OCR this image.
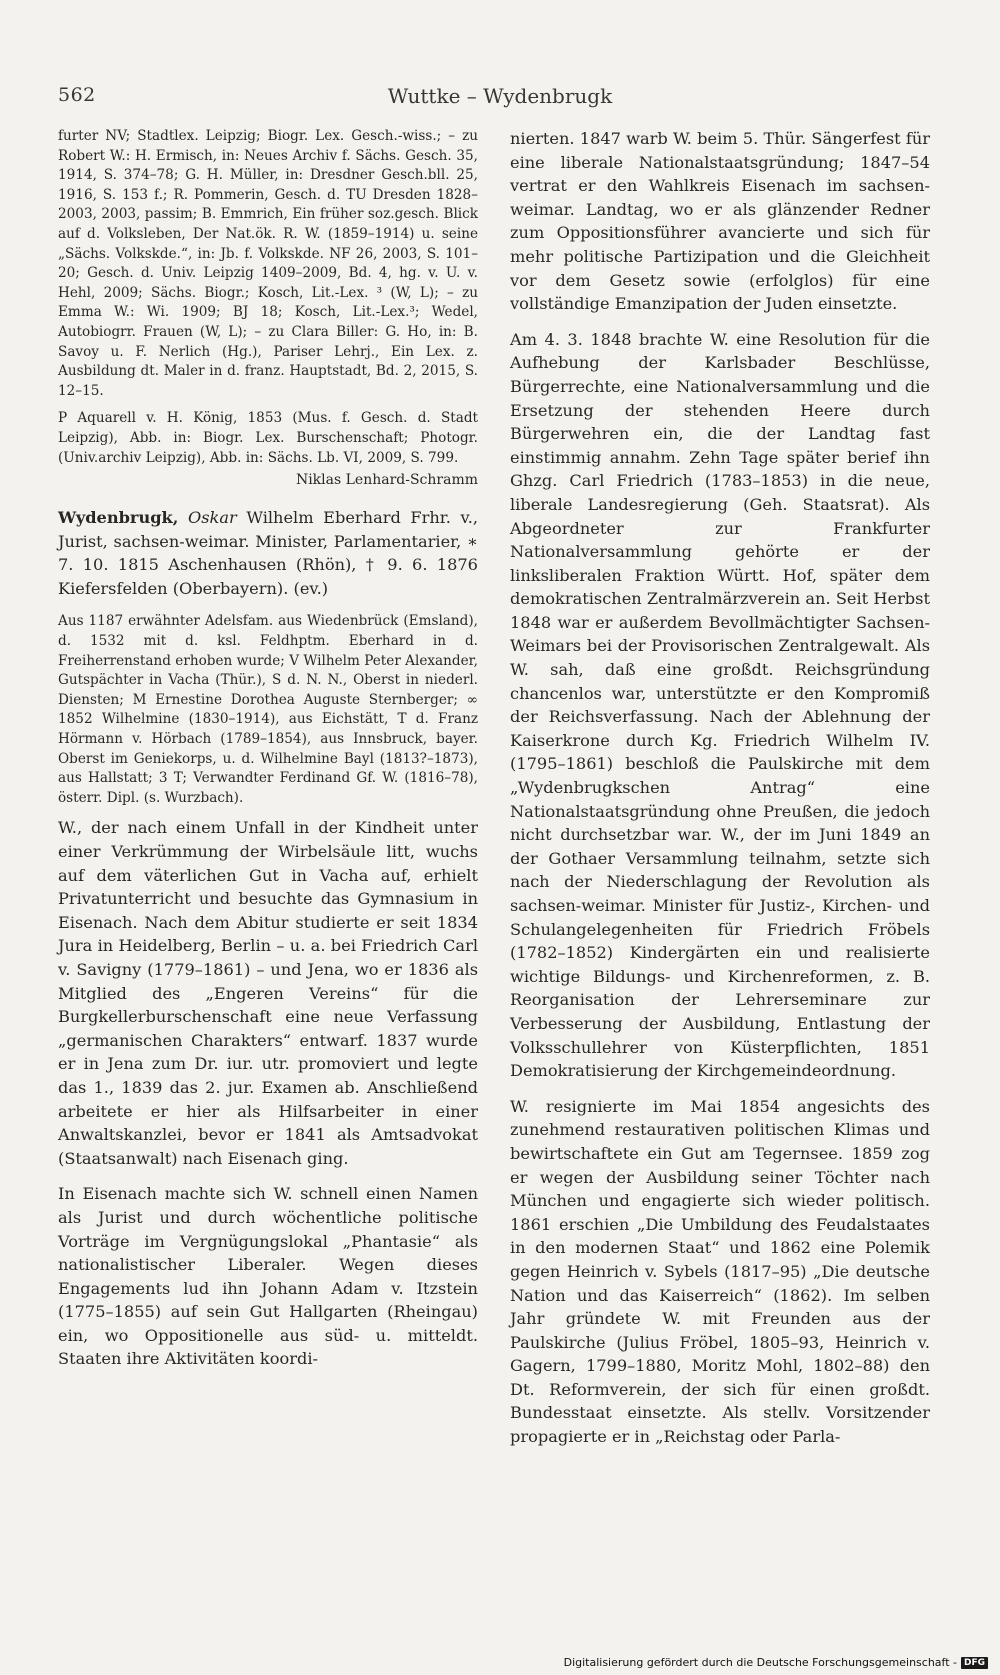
562	Wuttke – Wydenbrugk

furter NV; Stadtlex. Leipzig; Biogr. Lex. Gesch.-wiss.; – zu Robert W.: H. Ermisch, in: Neues Archiv f. Sächs. Gesch. 35, 1914, S. 374–78; G. H. Müller, in: Dresdner Gesch.bll. 25, 1916, S. 153 f.; R. Pommerin, Gesch. d. TU Dresden 1828–2003, 2003, passim; B. Emmrich, Ein früher soz.gesch. Blick auf d. Volksleben, Der Nat.ök. R. W. (1859–1914) u. seine „Sächs. Volkskde.“, in: Jb. f. Volkskde. NF 26, 2003, S. 101–20; Gesch. d. Univ. Leipzig 1409–2009, Bd. 4, hg. v. U. v. Hehl, 2009; Sächs. Biogr.; Kosch, Lit.-Lex. ³ (W, L); – zu Emma W.: Wi. 1909; BJ 18; Kosch, Lit.-Lex.³; Wedel, Autobiogrr. Frauen (W, L); – zu Clara Biller: G. Ho, in: B. Savoy u. F. Nerlich (Hg.), Pariser Lehrj., Ein Lex. z. Ausbildung dt. Maler in d. franz. Hauptstadt, Bd. 2, 2015, S. 12–15.

P Aquarell v. H. König, 1853 (Mus. f. Gesch. d. Stadt Leipzig), Abb. in: Biogr. Lex. Burschenschaft; Photogr. (Univ.archiv Leipzig), Abb. in: Sächs. Lb. VI, 2009, S. 799.

Niklas Lenhard-Schramm

Wydenbrugk, Oskar Wilhelm Eberhard Frhr. v., Jurist, sachsen-weimar. Minister, Parlamentarier, ∗ 7. 10. 1815 Aschenhausen (Rhön), † 9. 6. 1876 Kiefersfelden (Oberbayern). (ev.)

Aus 1187 erwähnter Adelsfam. aus Wiedenbrück (Emsland), d. 1532 mit d. ksl. Feldhptm. Eberhard in d. Freiherrenstand erhoben wurde; V Wilhelm Peter Alexander, Gutspächter in Vacha (Thür.), S d. N. N., Oberst in niederl. Diensten; M Ernestine Dorothea Auguste Sternberger; ∞ 1852 Wilhelmine (1830–1914), aus Eichstätt, T d. Franz Hörmann v. Hörbach (1789–1854), aus Innsbruck, bayer. Oberst im Geniekorps, u. d. Wilhelmine Bayl (1813?–1873), aus Hallstatt; 3 T; Verwandter Ferdinand Gf. W. (1816–78), österr. Dipl. (s. Wurzbach).

W., der nach einem Unfall in der Kindheit unter einer Verkrümmung der Wirbelsäule litt, wuchs auf dem väterlichen Gut in Vacha auf, erhielt Privatunterricht und besuchte das Gymnasium in Eisenach. Nach dem Abitur studierte er seit 1834 Jura in Heidelberg, Berlin – u. a. bei Friedrich Carl v. Savigny (1779–1861) – und Jena, wo er 1836 als Mitglied des „Engeren Vereins“ für die Burgkellerburschenschaft eine neue Verfassung „germanischen Charakters“ entwarf. 1837 wurde er in Jena zum Dr. iur. utr. promoviert und legte das 1., 1839 das 2. jur. Examen ab. Anschließend arbeitete er hier als Hilfsarbeiter in einer Anwaltskanzlei, bevor er 1841 als Amtsadvokat (Staatsanwalt) nach Eisenach ging.

In Eisenach machte sich W. schnell einen Namen als Jurist und durch wöchentliche politische Vorträge im Vergnügungslokal „Phantasie“ als nationalistischer Liberaler. Wegen dieses Engagements lud ihn Johann Adam v. Itzstein (1775–1855) auf sein Gut Hallgarten (Rheingau) ein, wo Oppositionelle aus süd- u. mitteldt. Staaten ihre Aktivitäten koordi-

nierten. 1847 warb W. beim 5. Thür. Sängerfest für eine liberale Nationalstaatsgründung; 1847–54 vertrat er den Wahlkreis Eisenach im sachsen-weimar. Landtag, wo er als glänzender Redner zum Oppositionsführer avancierte und sich für mehr politische Partizipation und die Gleichheit vor dem Gesetz sowie (erfolglos) für eine vollständige Emanzipation der Juden einsetzte.

Am 4. 3. 1848 brachte W. eine Resolution für die Aufhebung der Karlsbader Beschlüsse, Bürgerrechte, eine Nationalversammlung und die Ersetzung der stehenden Heere durch Bürgerwehren ein, die der Landtag fast einstimmig annahm. Zehn Tage später berief ihn Ghzg. Carl Friedrich (1783–1853) in die neue, liberale Landesregierung (Geh. Staatsrat). Als Abgeordneter zur Frankfurter Nationalversammlung gehörte er der linksliberalen Fraktion Württ. Hof, später dem demokratischen Zentralmärzverein an. Seit Herbst 1848 war er außerdem Bevollmächtigter Sachsen-Weimars bei der Provisorischen Zentralgewalt. Als W. sah, daß eine großdt. Reichsgründung chancenlos war, unterstützte er den Kompromiß der Reichsverfassung. Nach der Ablehnung der Kaiserkrone durch Kg. Friedrich Wilhelm IV. (1795–1861) beschloß die Paulskirche mit dem „Wydenbrugkschen Antrag“ eine Nationalstaatsgründung ohne Preußen, die jedoch nicht durchsetzbar war. W., der im Juni 1849 an der Gothaer Versammlung teilnahm, setzte sich nach der Niederschlagung der Revolution als sachsen-weimar. Minister für Justiz-, Kirchen- und Schulangelegenheiten für Friedrich Fröbels (1782–1852) Kindergärten ein und realisierte wichtige Bildungs- und Kirchenreformen, z. B. Reorganisation der Lehrerseminare zur Verbesserung der Ausbildung, Entlastung der Volksschullehrer von Küsterpflichten, 1851 Demokratisierung der Kirchgemeindeordnung.

W. resignierte im Mai 1854 angesichts des zunehmend restaurativen politischen Klimas und bewirtschaftete ein Gut am Tegernsee. 1859 zog er wegen der Ausbildung seiner Töchter nach München und engagierte sich wieder politisch. 1861 erschien „Die Umbildung des Feudalstaates in den modernen Staat“ und 1862 eine Polemik gegen Heinrich v. Sybels (1817–95) „Die deutsche Nation und das Kaiserreich“ (1862). Im selben Jahr gründete W. mit Freunden aus der Paulskirche (Julius Fröbel, 1805–93, Heinrich v. Gagern, 1799–1880, Moritz Mohl, 1802–88) den Dt. Reformverein, der sich für einen großdt. Bundesstaat einsetzte. Als stellv. Vorsitzender propagierte er in „Reichstag oder Parla-

Digitalisierung gefördert durch die Deutsche Forschungsgemeinschaft - DFG
